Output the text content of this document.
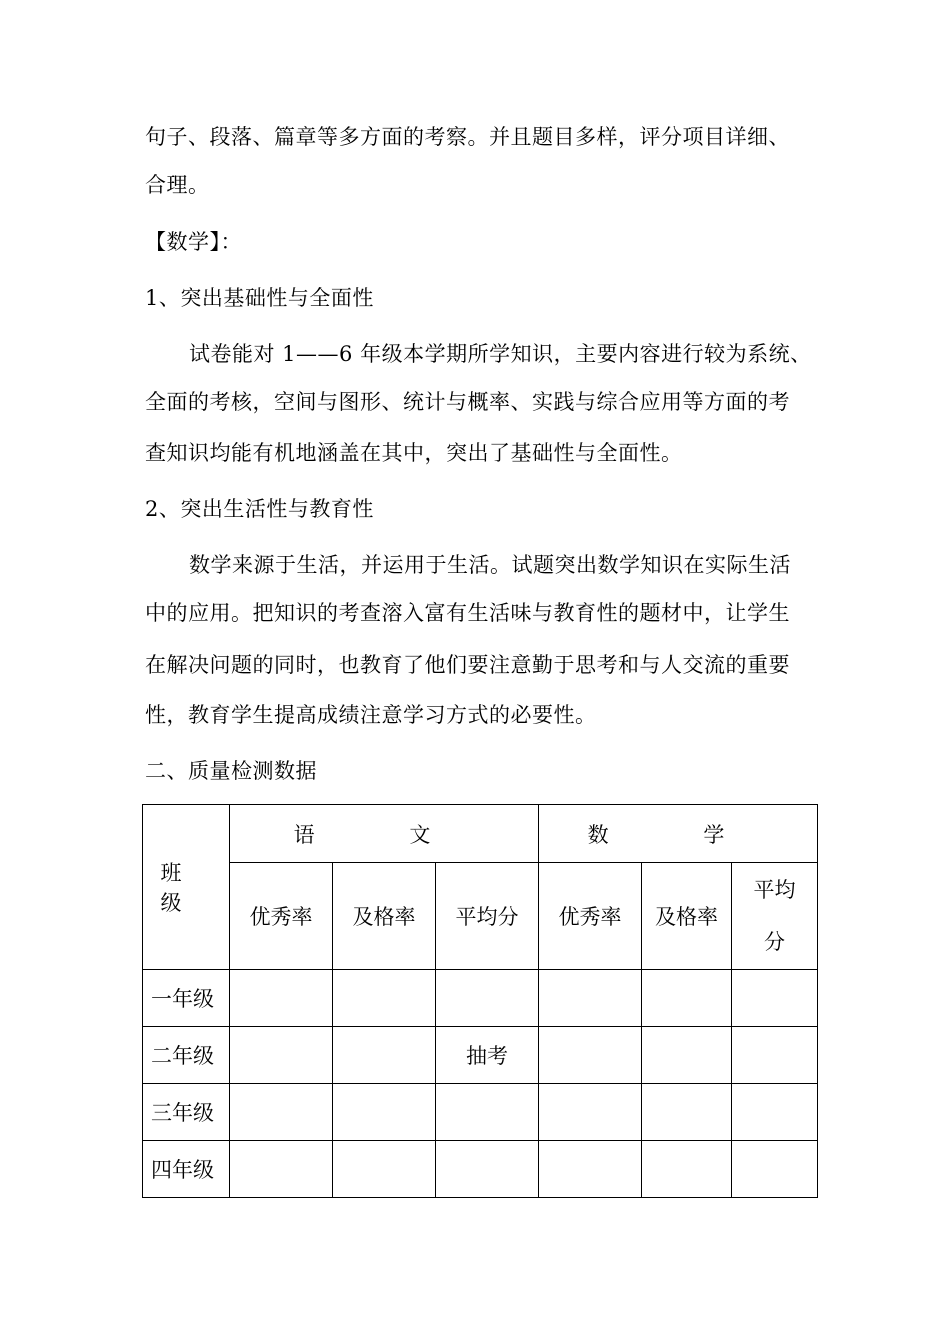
句子、段落、篇章等多方面的考察。并且题目多样，评分项目详细、
合理。
【数学】：
1、突出基础性与全面性
试卷能对 1——6 年级本学期所学知识，主要内容进行较为系统、
全面的考核，空间与图形、统计与概率、实践与综合应用等方面的考
查知识均能有机地涵盖在其中，突出了基础性与全面性。
2、突出生活性与教育性
数学来源于生活，并运用于生活。试题突出数学知识在实际生活
中的应用。把知识的考查溶入富有生活味与教育性的题材中，让学生
在解决问题的同时，也教育了他们要注意勤于思考和与人交流的重要
性，教育学生提高成绩注意学习方式的必要性。
二、质量检测数据
班 级	语 文			数 学		
	优秀率	及格率	平均分	优秀率	及格率	平均
分

一年级						
二年级			抽考			
三年级						
四年级						
